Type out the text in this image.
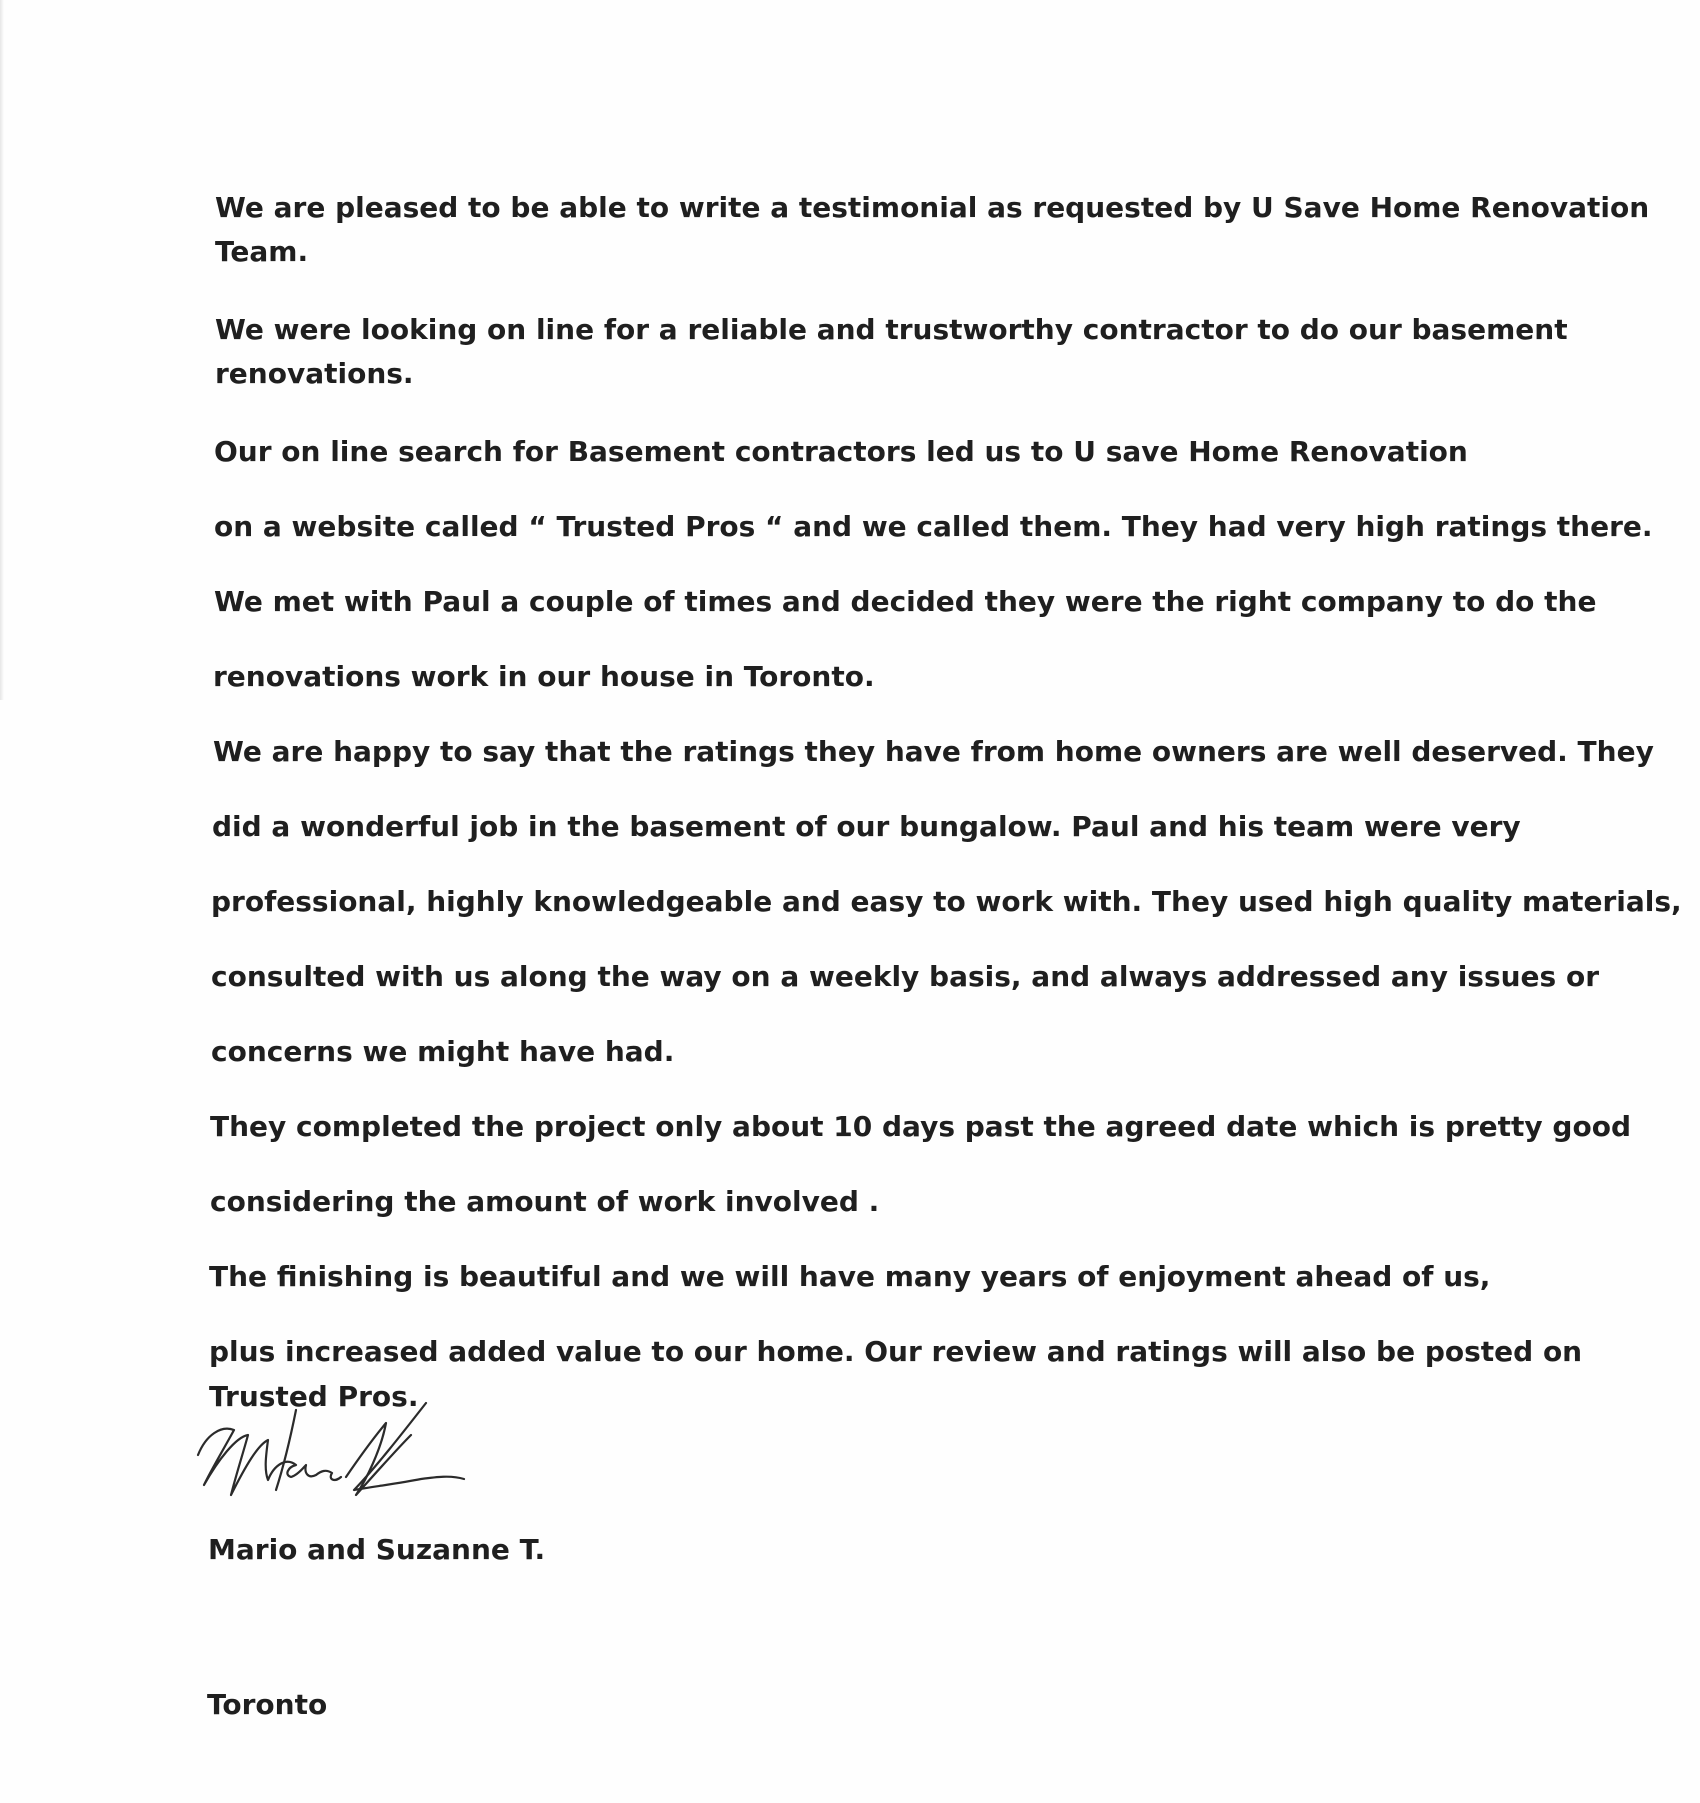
We are pleased to be able to write a testimonial as requested by U Save Home Renovation

Team.

We were looking on line for a reliable and trustworthy contractor to do our basement

renovations.

Our on line search for Basement contractors led us to U save Home Renovation

on a website called “ Trusted Pros “ and we called them. They had very high ratings there.

We met with Paul a couple of times and decided they were the right company to do the

renovations work in our house in Toronto.

We are happy to say that the ratings they have from home owners are well deserved. They

did a wonderful job in the basement of our bungalow. Paul and his team were very

professional, highly knowledgeable and easy to work with. They used high quality materials,

consulted with us along the way on a weekly basis, and always addressed any issues or

concerns we might have had.

They completed the project only about 10 days past the agreed date which is pretty good

considering the amount of work involved .

The finishing is beautiful and we will have many years of enjoyment ahead of us,

plus increased added value to our home. Our review and ratings will also be posted on

Trusted Pros.

Mario and Suzanne T.

Toronto
